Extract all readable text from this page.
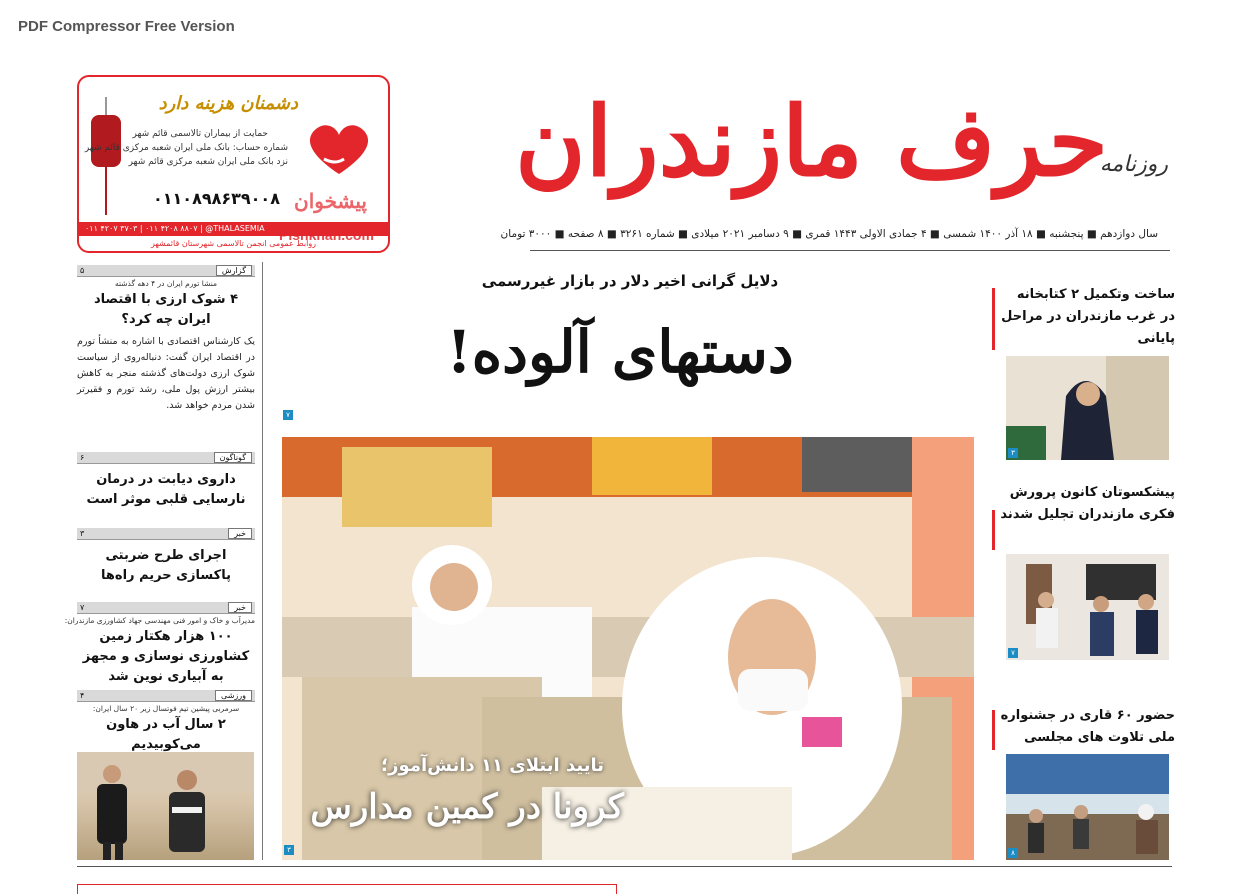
PDF Compressor Free Version
دشمنان هزینه دارد
حمایت از بیماران تالاسمی قائم شهر
شماره حساب: بانک ملی ایران شعبه مرکزی قائم شهر
نزد بانک ملی ایران شعبه مرکزی قائم شهر
پیشخوان
۰۱۱۰۸۹۸۶۳۹۰۰۸
۰۱۱ ۴۲۰۷ ۳۷۰۳ | ۰۱۱ ۴۲۰۸ ۸۸۰۷ | @THALASEMIA
روابط عمومی انجمن تالاسمی شهرستان قائمشهر
حرف مازندران
روزنامه
سال دوازدهم ■ پنجشنبه ■ ۱۸ آذر ۱۴۰۰ شمسی ■ ۴ جمادی الاولی ۱۴۴۳ قمری ■ ۹ دسامبر ۲۰۲۱ میلادی ■ شماره ۳۲۶۱ ■ ۸ صفحه ■ ۳۰۰۰ تومان
گزارش
۵
منشا تورم ایران در ۴ دهه گذشته
۴ شوک ارزی با اقتصاد ایران چه کرد؟
یک کارشناس اقتصادی با اشاره به منشأ تورم در اقتصاد ایران گفت: دنباله‌روی از سیاست شوک ارزی دولت‌های گذشته منجر به کاهش بیشتر ارزش پول ملی، رشد تورم و فقیرتر شدن مردم خواهد شد.
گوناگون
۶
داروی دیابت در درمان نارسایی قلبی موثر است
خبر
۳
اجرای طرح ضربتی پاکسازی حریم راه‌ها
خبر
۷
مدیرآب و خاک و امور فنی مهندسی جهاد کشاورزی مازندران:
۱۰۰ هزار هکتار زمین کشاورزی نوسازی و مجهز به آبیاری نوین شد
ورزشی
۴
سرمربی پیشین تیم فوتسال زیر ۲۰ سال ایران:
۲ سال آب در هاون می‌کوبیدیم
دلایل گرانی اخیر دلار در بازار غیررسمی
دستهای آلوده!
۷
تایید ابتلای ۱۱ دانش‌آموز؛
کرونا در کمین مدارس
۳
ساخت وتکمیل ۲ کتابخانه در غرب مازندران در مراحل پایانی
۳
پیشکسوتان کانون پرورش فکری مازندران تجلیل شدند
۷
حضور ۶۰ قاری در جشنواره ملی تلاوت های مجلسی
۸
